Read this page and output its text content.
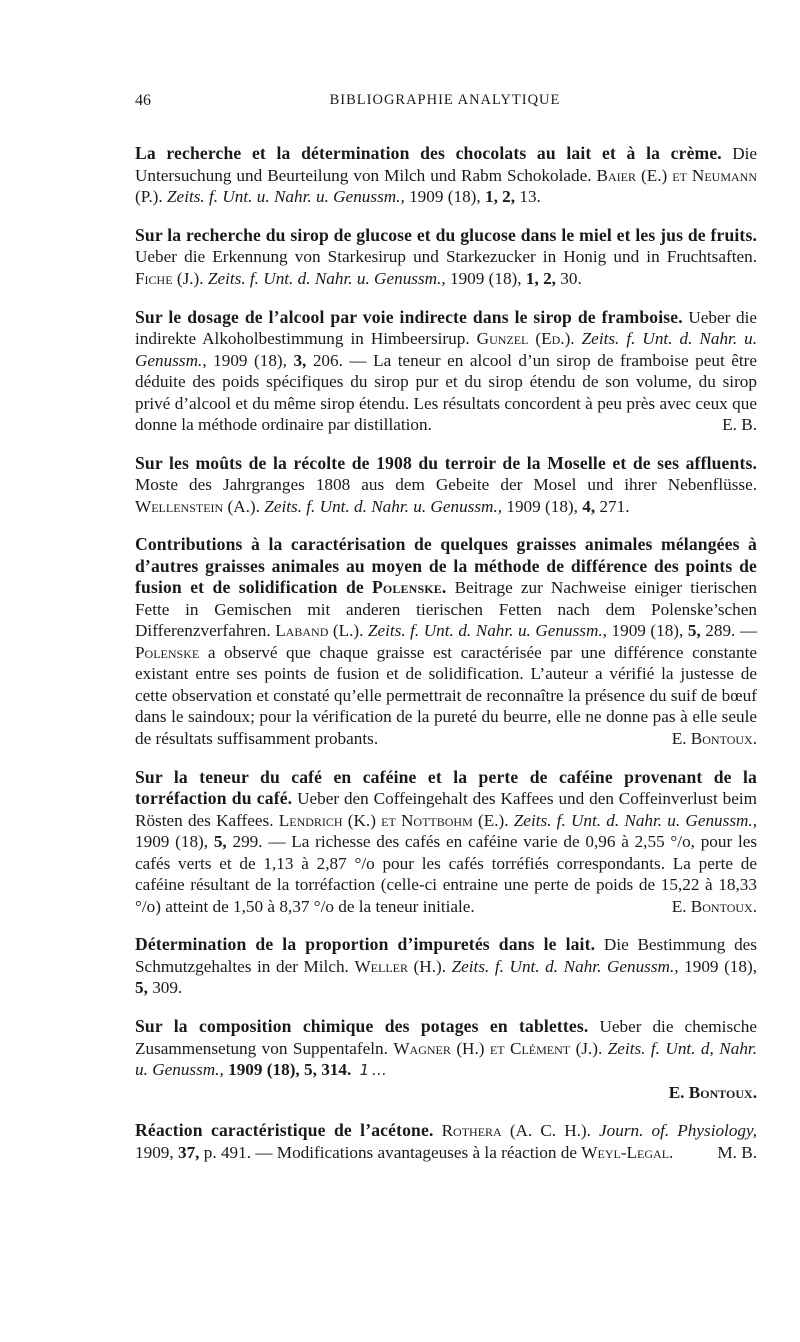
46	BIBLIOGRAPHIE ANALYTIQUE

La recherche et la détermination des chocolats au lait et à la crème. Die Untersuchung und Beurteilung von Milch und Rabm Schokolade. Baier (E.) et Neumann (P.). Zeits. f. Unt. u. Nahr. u. Genussm., 1909 (18), 1, 2, 13.

Sur la recherche du sirop de glucose et du glucose dans le miel et les jus de fruits. Ueber die Erkennung von Starkesirup und Starkezucker in Honig und in Fruchtsaften. Fiche (J.). Zeits. f. Unt. d. Nahr. u. Genussm., 1909 (18), 1, 2, 30.

Sur le dosage de l’alcool par voie indirecte dans le sirop de framboise. Ueber die indirekte Alkoholbestimmung in Himbeersirup. Gunzel (Ed.). Zeits. f. Unt. d. Nahr. u. Genussm., 1909 (18), 3, 206. — La teneur en alcool d’un sirop de framboise peut être déduite des poids spécifiques du sirop pur et du sirop étendu de son volume, du sirop privé d’alcool et du même sirop étendu. Les résultats concordent à peu près avec ceux que donne la méthode ordinaire par distillation.	E. B.

Sur les moûts de la récolte de 1908 du terroir de la Moselle et de ses affluents. Moste des Jahrgranges 1808 aus dem Gebeite der Mosel und ihrer Nebenflüsse. Wellenstein (A.). Zeits. f. Unt. d. Nahr. u. Genussm., 1909 (18), 4, 271.

Contributions à la caractérisation de quelques graisses animales mélangées à d’autres graisses animales au moyen de la méthode de différence des points de fusion et de solidification de Polenske. Beitrage zur Nachweise einiger tierischen Fette in Gemischen mit anderen tierischen Fetten nach dem Polenske’schen Differenzverfahren. Laband (L.). Zeits. f. Unt. d. Nahr. u. Genussm., 1909 (18), 5, 289. — Polenske a observé que chaque graisse est caractérisée par une différence constante existant entre ses points de fusion et de solidification. L’auteur a vérifié la justesse de cette observation et constaté qu’elle permettrait de reconnaître la présence du suif de bœuf dans le saindoux; pour la vérification de la pureté du beurre, elle ne donne pas à elle seule de résultats suffisamment probants.	E. Bontoux.

Sur la teneur du café en caféine et la perte de caféine provenant de la torréfaction du café. Ueber den Coffeingehalt des Kaffees und den Coffeinverlust beim Rösten des Kaffees. Lendrich (K.) et Nottbohm (E.). Zeits. f. Unt. d. Nahr. u. Genussm., 1909 (18), 5, 299. — La richesse des cafés en caféine varie de 0,96 à 2,55 °/o, pour les cafés verts et de 1,13 à 2,87 °/o pour les cafés torréfiés correspondants. La perte de caféine résultant de la torréfaction (celle-ci entraine une perte de poids de 15,22 à 18,33 °/o) atteint de 1,50 à 8,37 °/o de la teneur initiale.	E. Bontoux.

Détermination de la proportion d’impuretés dans le lait. Die Bestimmung des Schmutzgehaltes in der Milch. Weller (H.). Zeits. f. Unt. d. Nahr. Genussm., 1909 (18), 5, 309.

Sur la composition chimique des potages en tablettes. Ueber die chemische Zusammensetung von Suppentafeln. Wagner (H.) et Clément (J.). Zeits. f. Unt. d, Nahr. u. Genussm., 1909 (18), 5, 314. 1 …
E. Bontoux.

Réaction caractéristique de l’acétone. Rothera (A. C. H.). Journ. of. Physiology, 1909, 37, p. 491. — Modifications avantageuses à la réaction de Weyl-Legal.	M. B.
